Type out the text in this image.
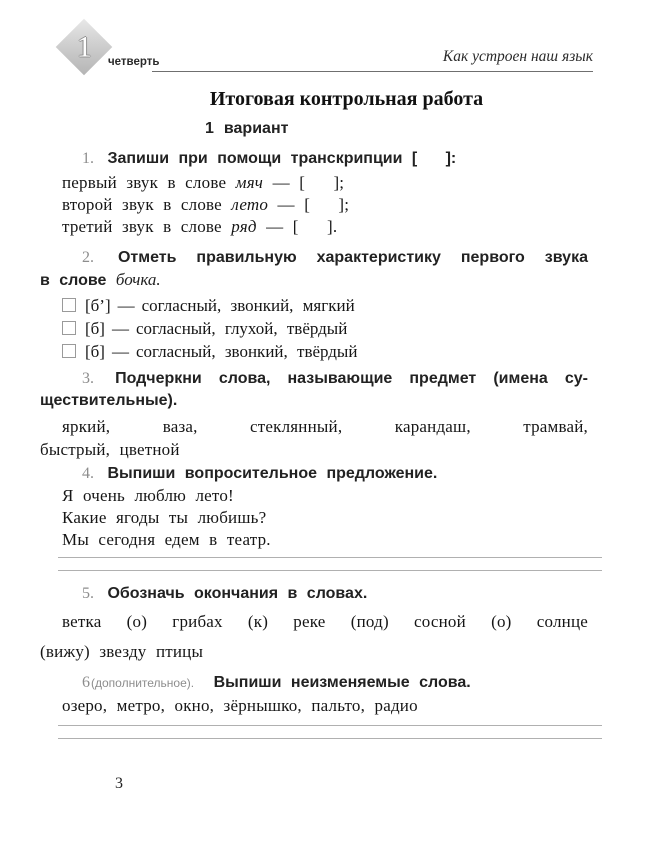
1 четверть	Как устроен наш язык
Итоговая контрольная работа
1 вариант

1. Запиши при помощи транскрипции [   ]:

первый звук в слове мяч — [   ];

второй звук в слове лето — [   ];

третий звук в слове ряд — [   ].

2. Отметь правильную характеристику первого звука

в слове бочка.

[б’] — согласный, звонкий, мягкий
[б] — согласный, глухой, твёрдый
[б] — согласный, звонкий, твёрдый

3. Подчеркни слова, называющие предмет (имена су-

ществительные).

яркий, ваза, стеклянный, карандаш, трамвай,

быстрый, цветной

4. Выпиши вопросительное предложение.

Я очень люблю лето!

Какие ягоды ты любишь?

Мы сегодня едем в театр.

5. Обозначь окончания в словах.

ветка (о) грибах (к) реке (под) сосной (о) солнце

(вижу) звезду птицы

6(дополнительное). Выпиши неизменяемые слова.

озеро, метро, окно, зёрнышко, пальто, радио

3
